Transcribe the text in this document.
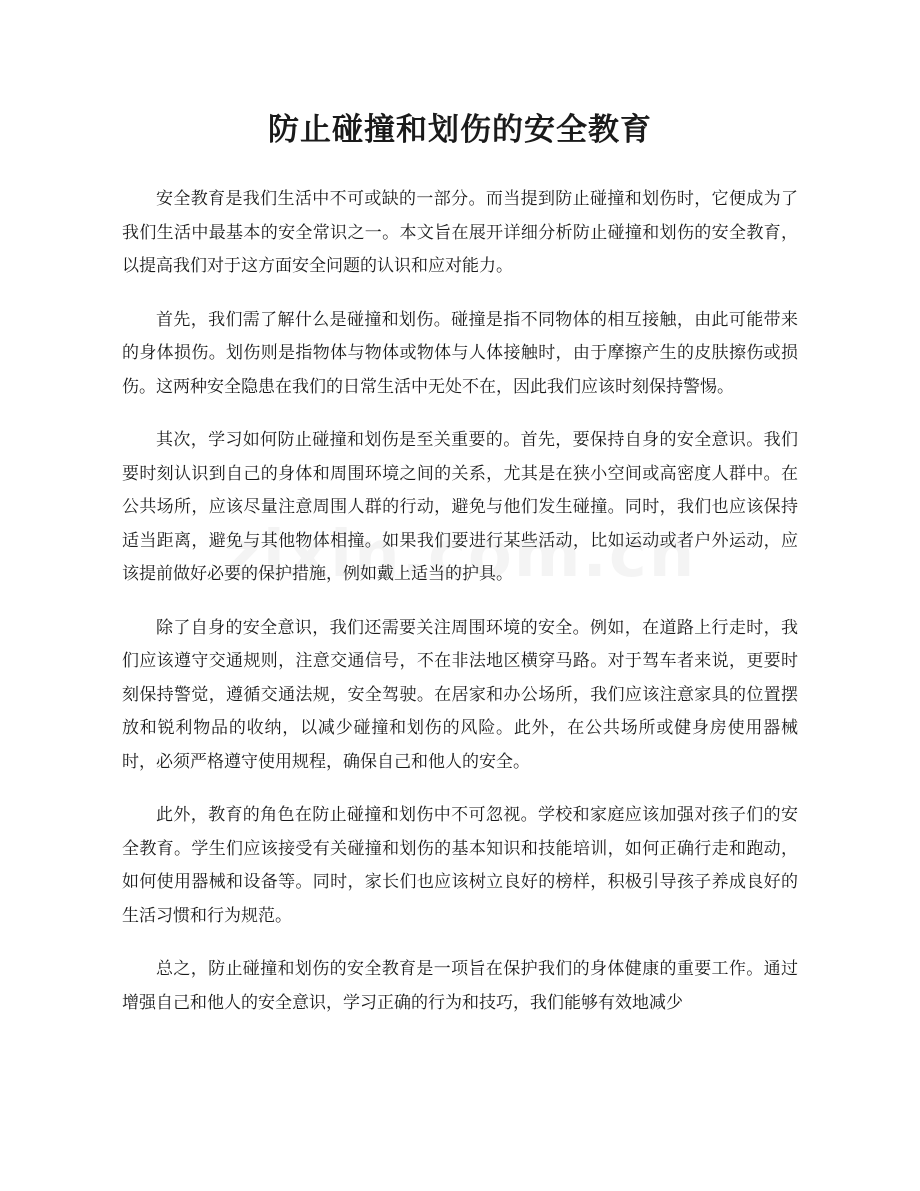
防止碰撞和划伤的安全教育

安全教育是我们生活中不可或缺的一部分。而当提到防止碰撞和划伤时，它便成为了我们生活中最基本的安全常识之一。本文旨在展开详细分析防止碰撞和划伤的安全教育，以提高我们对于这方面安全问题的认识和应对能力。

首先，我们需了解什么是碰撞和划伤。碰撞是指不同物体的相互接触，由此可能带来的身体损伤。划伤则是指物体与物体或物体与人体接触时，由于摩擦产生的皮肤擦伤或损伤。这两种安全隐患在我们的日常生活中无处不在，因此我们应该时刻保持警惕。

其次，学习如何防止碰撞和划伤是至关重要的。首先，要保持自身的安全意识。我们要时刻认识到自己的身体和周围环境之间的关系，尤其是在狭小空间或高密度人群中。在公共场所，应该尽量注意周围人群的行动，避免与他们发生碰撞。同时，我们也应该保持适当距离，避免与其他物体相撞。如果我们要进行某些活动，比如运动或者户外运动，应该提前做好必要的保护措施，例如戴上适当的护具。

除了自身的安全意识，我们还需要关注周围环境的安全。例如，在道路上行走时，我们应该遵守交通规则，注意交通信号，不在非法地区横穿马路。对于驾车者来说，更要时刻保持警觉，遵循交通法规，安全驾驶。在居家和办公场所，我们应该注意家具的位置摆放和锐利物品的收纳，以减少碰撞和划伤的风险。此外，在公共场所或健身房使用器械时，必须严格遵守使用规程，确保自己和他人的安全。

此外，教育的角色在防止碰撞和划伤中不可忽视。学校和家庭应该加强对孩子们的安全教育。学生们应该接受有关碰撞和划伤的基本知识和技能培训，如何正确行走和跑动，如何使用器械和设备等。同时，家长们也应该树立良好的榜样，积极引导孩子养成良好的生活习惯和行为规范。

总之，防止碰撞和划伤的安全教育是一项旨在保护我们的身体健康的重要工作。通过增强自己和他人的安全意识，学习正确的行为和技巧，我们能够有效地减少
